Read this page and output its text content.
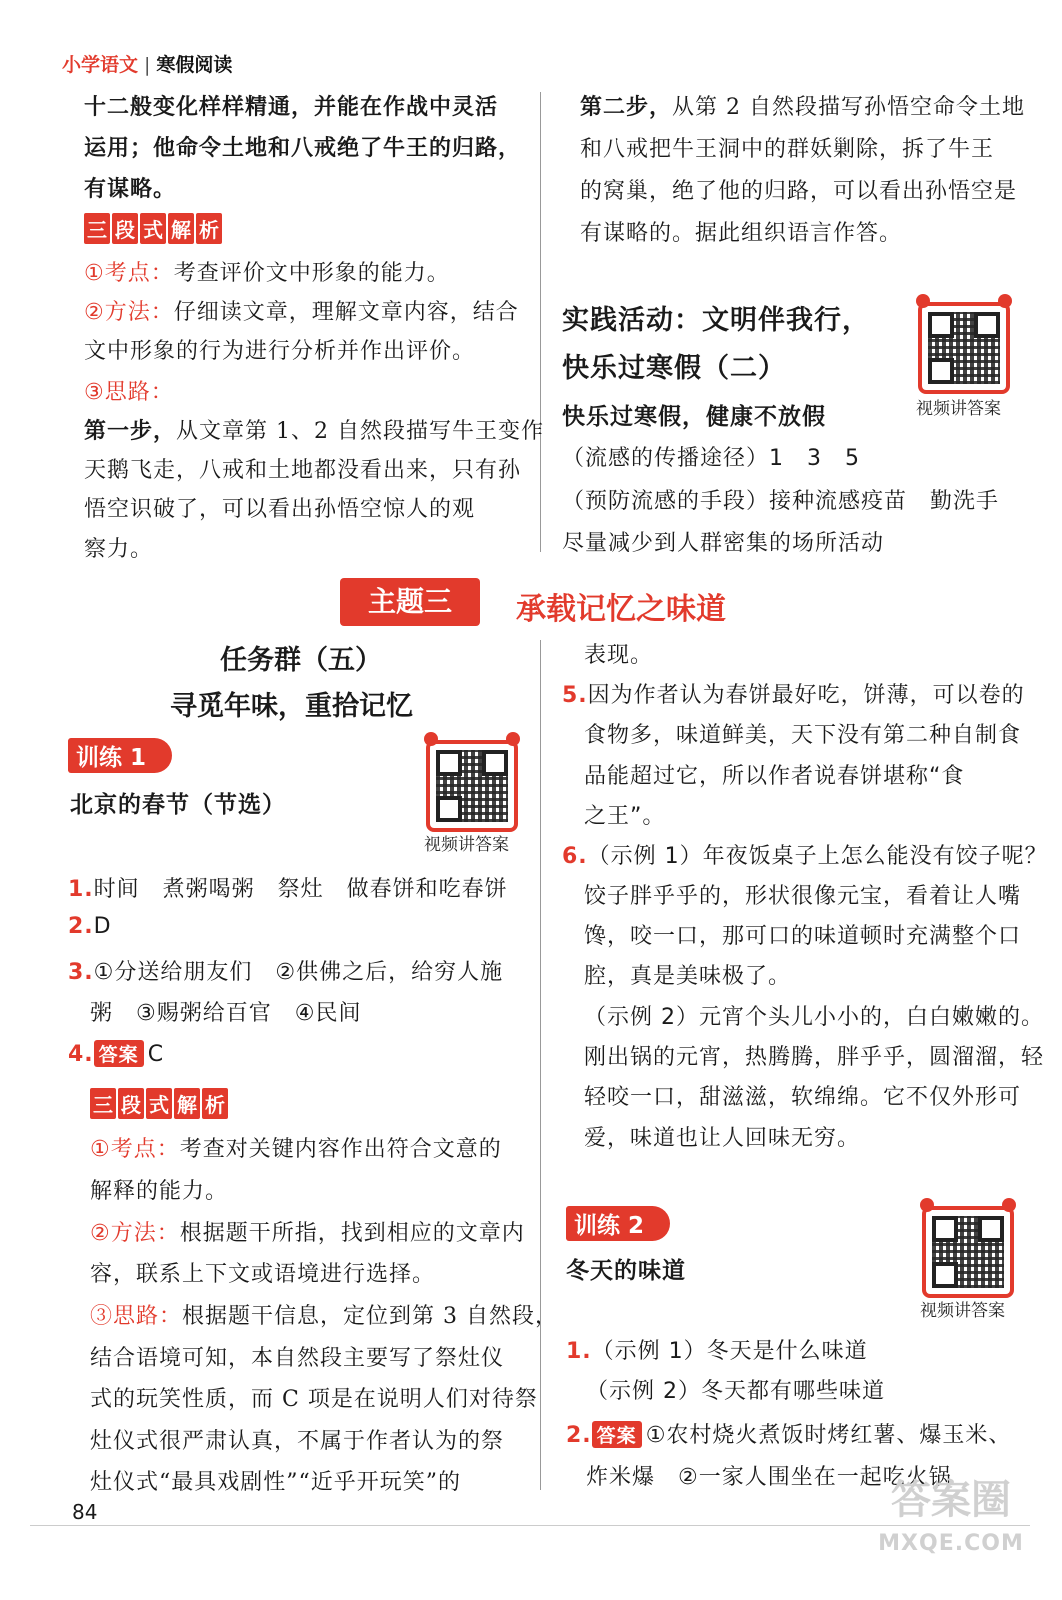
小学语文 | 寒假阅读
十二般变化样样精通，并能在作战中灵活
运用；他命令土地和八戒绝了牛王的归路，
有谋略。
三 段 式 解 析
①考点：考查评价文中形象的能力。
②方法：仔细读文章，理解文章内容，结合
文中形象的行为进行分析并作出评价。
③思路：
第一步，从文章第 1、2 自然段描写牛王变作
天鹅飞走，八戒和土地都没看出来，只有孙
悟空识破了，可以看出孙悟空惊人的观
察力。
第二步，从第 2 自然段描写孙悟空命令土地
和八戒把牛王洞中的群妖剿除，拆了牛王
的窝巢，绝了他的归路，可以看出孙悟空是
有谋略的。据此组织语言作答。
实践活动：文明伴我行，
快乐过寒假（二）
视频讲答案
快乐过寒假，健康不放假
（流感的传播途径）1　3　5
（预防流感的手段）接种流感疫苗　勤洗手
尽量减少到人群密集的场所活动
主题三	承载记忆之味道
任务群（五）
寻觅年味，重拾记忆
训练 1
北京的春节（节选）
视频讲答案
1.时间　煮粥喝粥　祭灶　做春饼和吃春饼
2.D
3.①分送给朋友们　②供佛之后，给穷人施
粥　③赐粥给百官　④民间
4. 答案 C
三 段 式 解 析
①考点：考查对关键内容作出符合文意的
解释的能力。
②方法：根据题干所指，找到相应的文章内
容，联系上下文或语境进行选择。
③思路：根据题干信息，定位到第 3 自然段，
结合语境可知，本自然段主要写了祭灶仪
式的玩笑性质，而 C 项是在说明人们对待祭
灶仪式很严肃认真，不属于作者认为的祭
灶仪式“最具戏剧性”“近乎开玩笑”的
表现。
5.因为作者认为春饼最好吃，饼薄，可以卷的
食物多，味道鲜美，天下没有第二种自制食
品能超过它，所以作者说春饼堪称“食
之王”。
6.（示例 1）年夜饭桌子上怎么能没有饺子呢？
饺子胖乎乎的，形状很像元宝，看着让人嘴
馋，咬一口，那可口的味道顿时充满整个口
腔，真是美味极了。
（示例 2）元宵个头儿小小的，白白嫩嫩的。
刚出锅的元宵，热腾腾，胖乎乎，圆溜溜，轻
轻咬一口，甜滋滋，软绵绵。它不仅外形可
爱，味道也让人回味无穷。
训练 2
冬天的味道
视频讲答案
1.（示例 1）冬天是什么味道
（示例 2）冬天都有哪些味道
2. 答案 ①农村烧火煮饭时烤红薯、爆玉米、
炸米爆　②一家人围坐在一起吃火锅
84	答案圈
MXQE.COM
